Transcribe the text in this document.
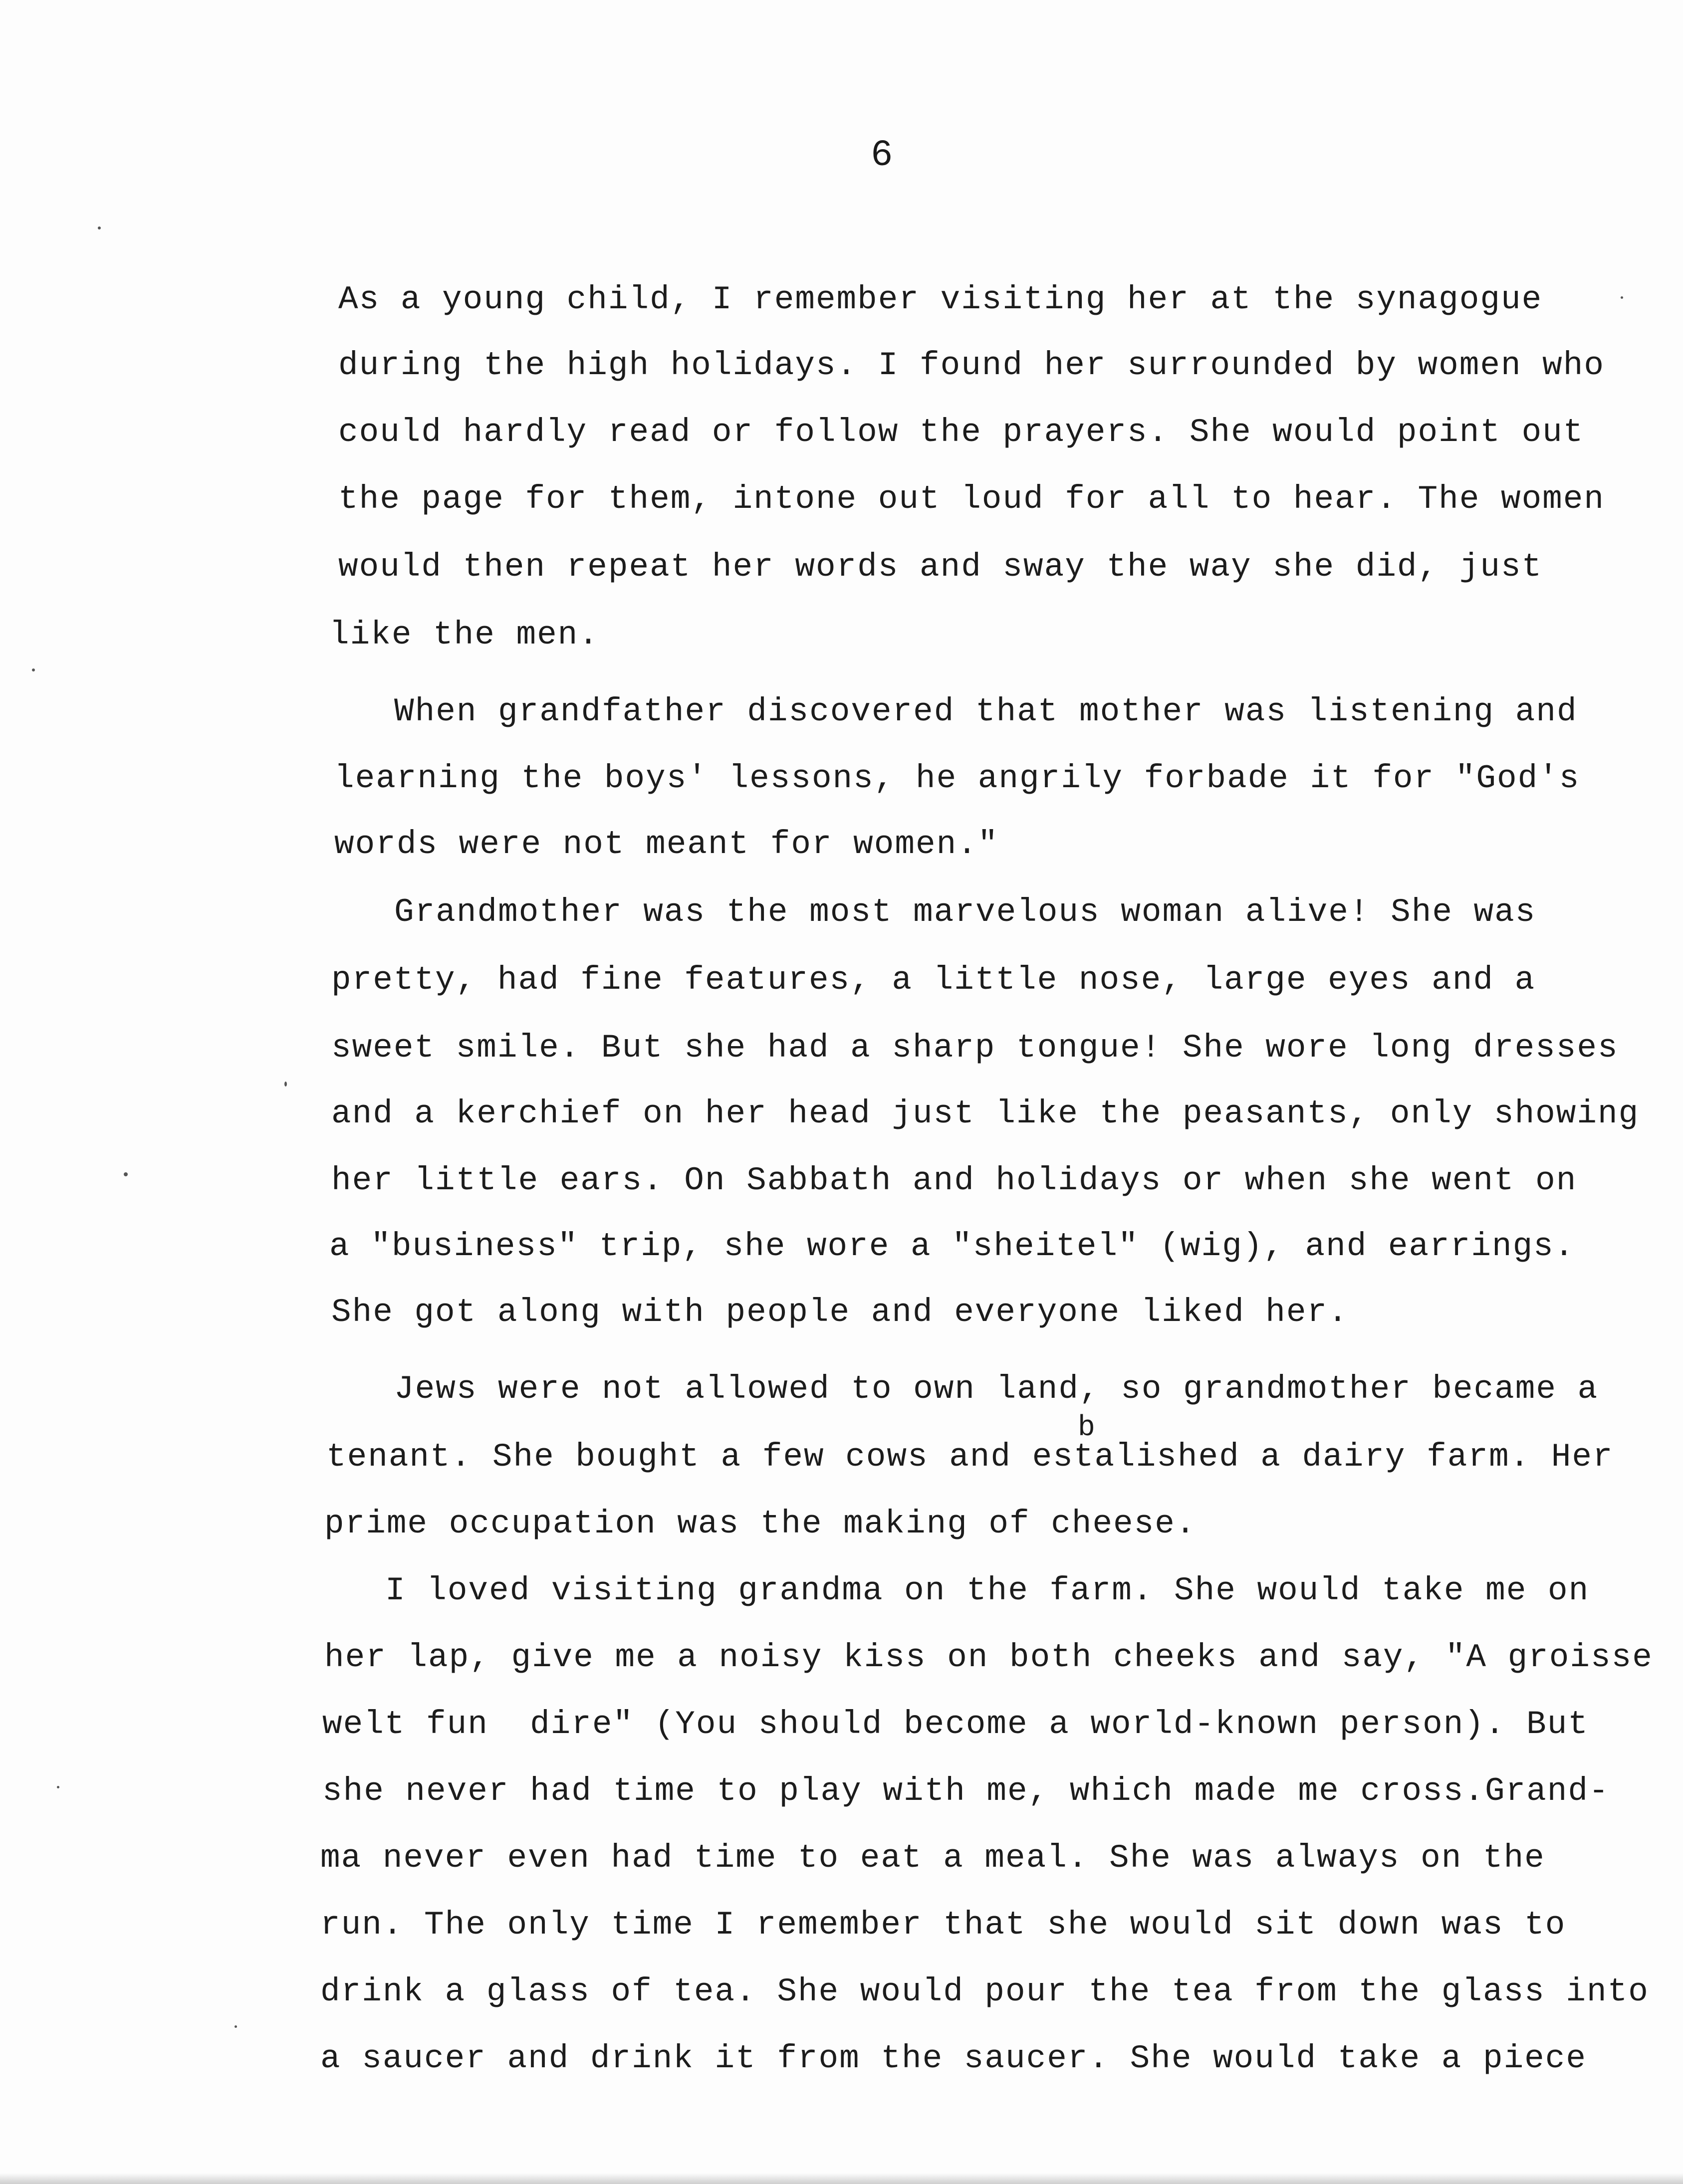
6
As a young child, I remember visiting her at the synagogue
during the high holidays. I found her surrounded by women who
could hardly read or follow the prayers. She would point out
the page for them, intone out loud for all to hear. The women
would then repeat her words and sway the way she did, just
like the men.
When grandfather discovered that mother was listening and
learning the boys' lessons, he angrily forbade it for "God's
words were not meant for women."
Grandmother was the most marvelous woman alive! She was
pretty, had fine features, a little nose, large eyes and a
sweet smile. But she had a sharp tongue! She wore long dresses
and a kerchief on her head just like the peasants, only showing
her little ears. On Sabbath and holidays or when she went on
a "business" trip, she wore a "sheitel" (wig), and earrings.
She got along with people and everyone liked her.
Jews were not allowed to own land, so grandmother became a
b
tenant. She bought a few cows and estalished a dairy farm. Her
prime occupation was the making of cheese.
I loved visiting grandma on the farm. She would take me on
her lap, give me a noisy kiss on both cheeks and say, "A groisse
welt fun  dire" (You should become a world-known person). But
she never had time to play with me, which made me cross.Grand-
ma never even had time to eat a meal. She was always on the
run. The only time I remember that she would sit down was to
drink a glass of tea. She would pour the tea from the glass into
a saucer and drink it from the saucer. She would take a piece
